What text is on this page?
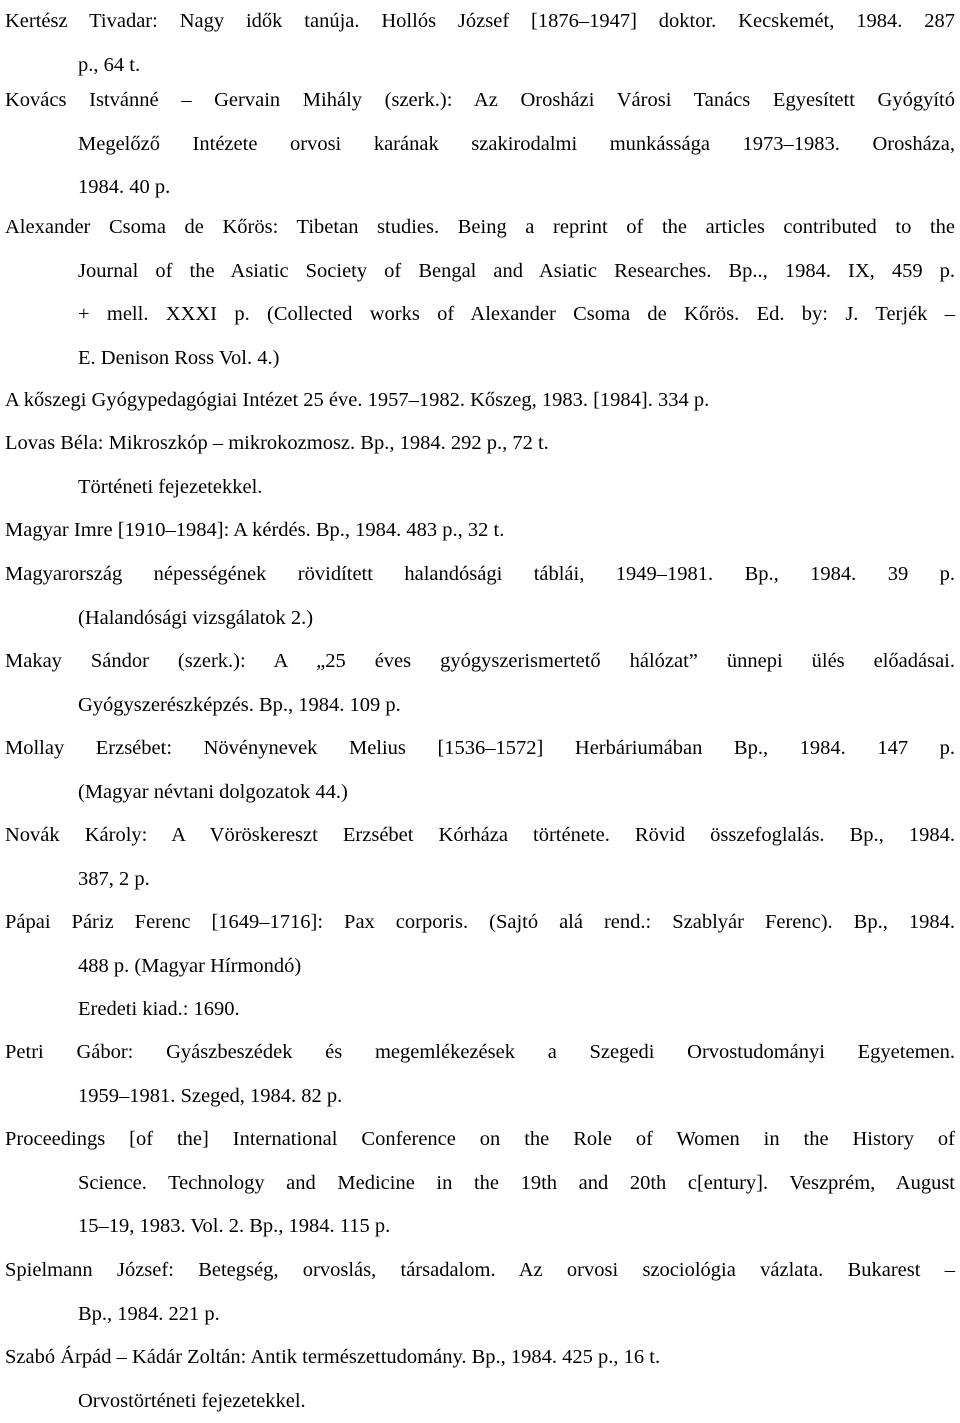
Kertész Tivadar: Nagy idők tanúja. Hollós József [1876–1947] doktor. Kecskemét, 1984. 287
p., 64 t.
Kovács Istvánné – Gervain Mihály (szerk.): Az Orosházi Városi Tanács Egyesített Gyógyító
Megelőző Intézete orvosi karának szakirodalmi munkássága 1973–1983. Orosháza,
1984. 40 p.
Alexander Csoma de Kőrös: Tibetan studies. Being a reprint of the articles contributed to the
Journal of the Asiatic Society of Bengal and Asiatic Researches. Bp.., 1984. IX, 459 p.
+ mell. XXXI p. (Collected works of Alexander Csoma de Kőrös. Ed. by: J. Terjék –
E. Denison Ross Vol. 4.)
A kőszegi Gyógypedagógiai Intézet 25 éve. 1957–1982. Kőszeg, 1983. [1984]. 334 p.
Lovas Béla: Mikroszkóp – mikrokozmosz. Bp., 1984. 292 p., 72 t.
Történeti fejezetekkel.
Magyar Imre [1910–1984]: A kérdés. Bp., 1984. 483 p., 32 t.
Magyarország népességének rövidített halandósági táblái, 1949–1981. Bp., 1984. 39 p.
(Halandósági vizsgálatok 2.)
Makay Sándor (szerk.): A „25 éves gyógyszerismertető hálózat” ünnepi ülés előadásai.
Gyógyszerészképzés. Bp., 1984. 109 p.
Mollay Erzsébet: Növénynevek Melius [1536–1572] Herbáriumában Bp., 1984. 147 p.
(Magyar névtani dolgozatok 44.)
Novák Károly: A Vöröskereszt Erzsébet Kórháza története. Rövid összefoglalás. Bp., 1984.
387, 2 p.
Pápai Páriz Ferenc [1649–1716]: Pax corporis. (Sajtó alá rend.: Szablyár Ferenc). Bp., 1984.
488 p. (Magyar Hírmondó)
Eredeti kiad.: 1690.
Petri Gábor: Gyászbeszédek és megemlékezések a Szegedi Orvostudományi Egyetemen.
1959–1981. Szeged, 1984. 82 p.
Proceedings [of the] International Conference on the Role of Women in the History of
Science. Technology and Medicine in the 19th and 20th c[entury]. Veszprém, August
15–19, 1983. Vol. 2. Bp., 1984. 115 p.
Spielmann József: Betegség, orvoslás, társadalom. Az orvosi szociológia vázlata. Bukarest –
Bp., 1984. 221 p.
Szabó Árpád – Kádár Zoltán: Antik természettudomány. Bp., 1984. 425 p., 16 t.
Orvostörténeti fejezetekkel.
